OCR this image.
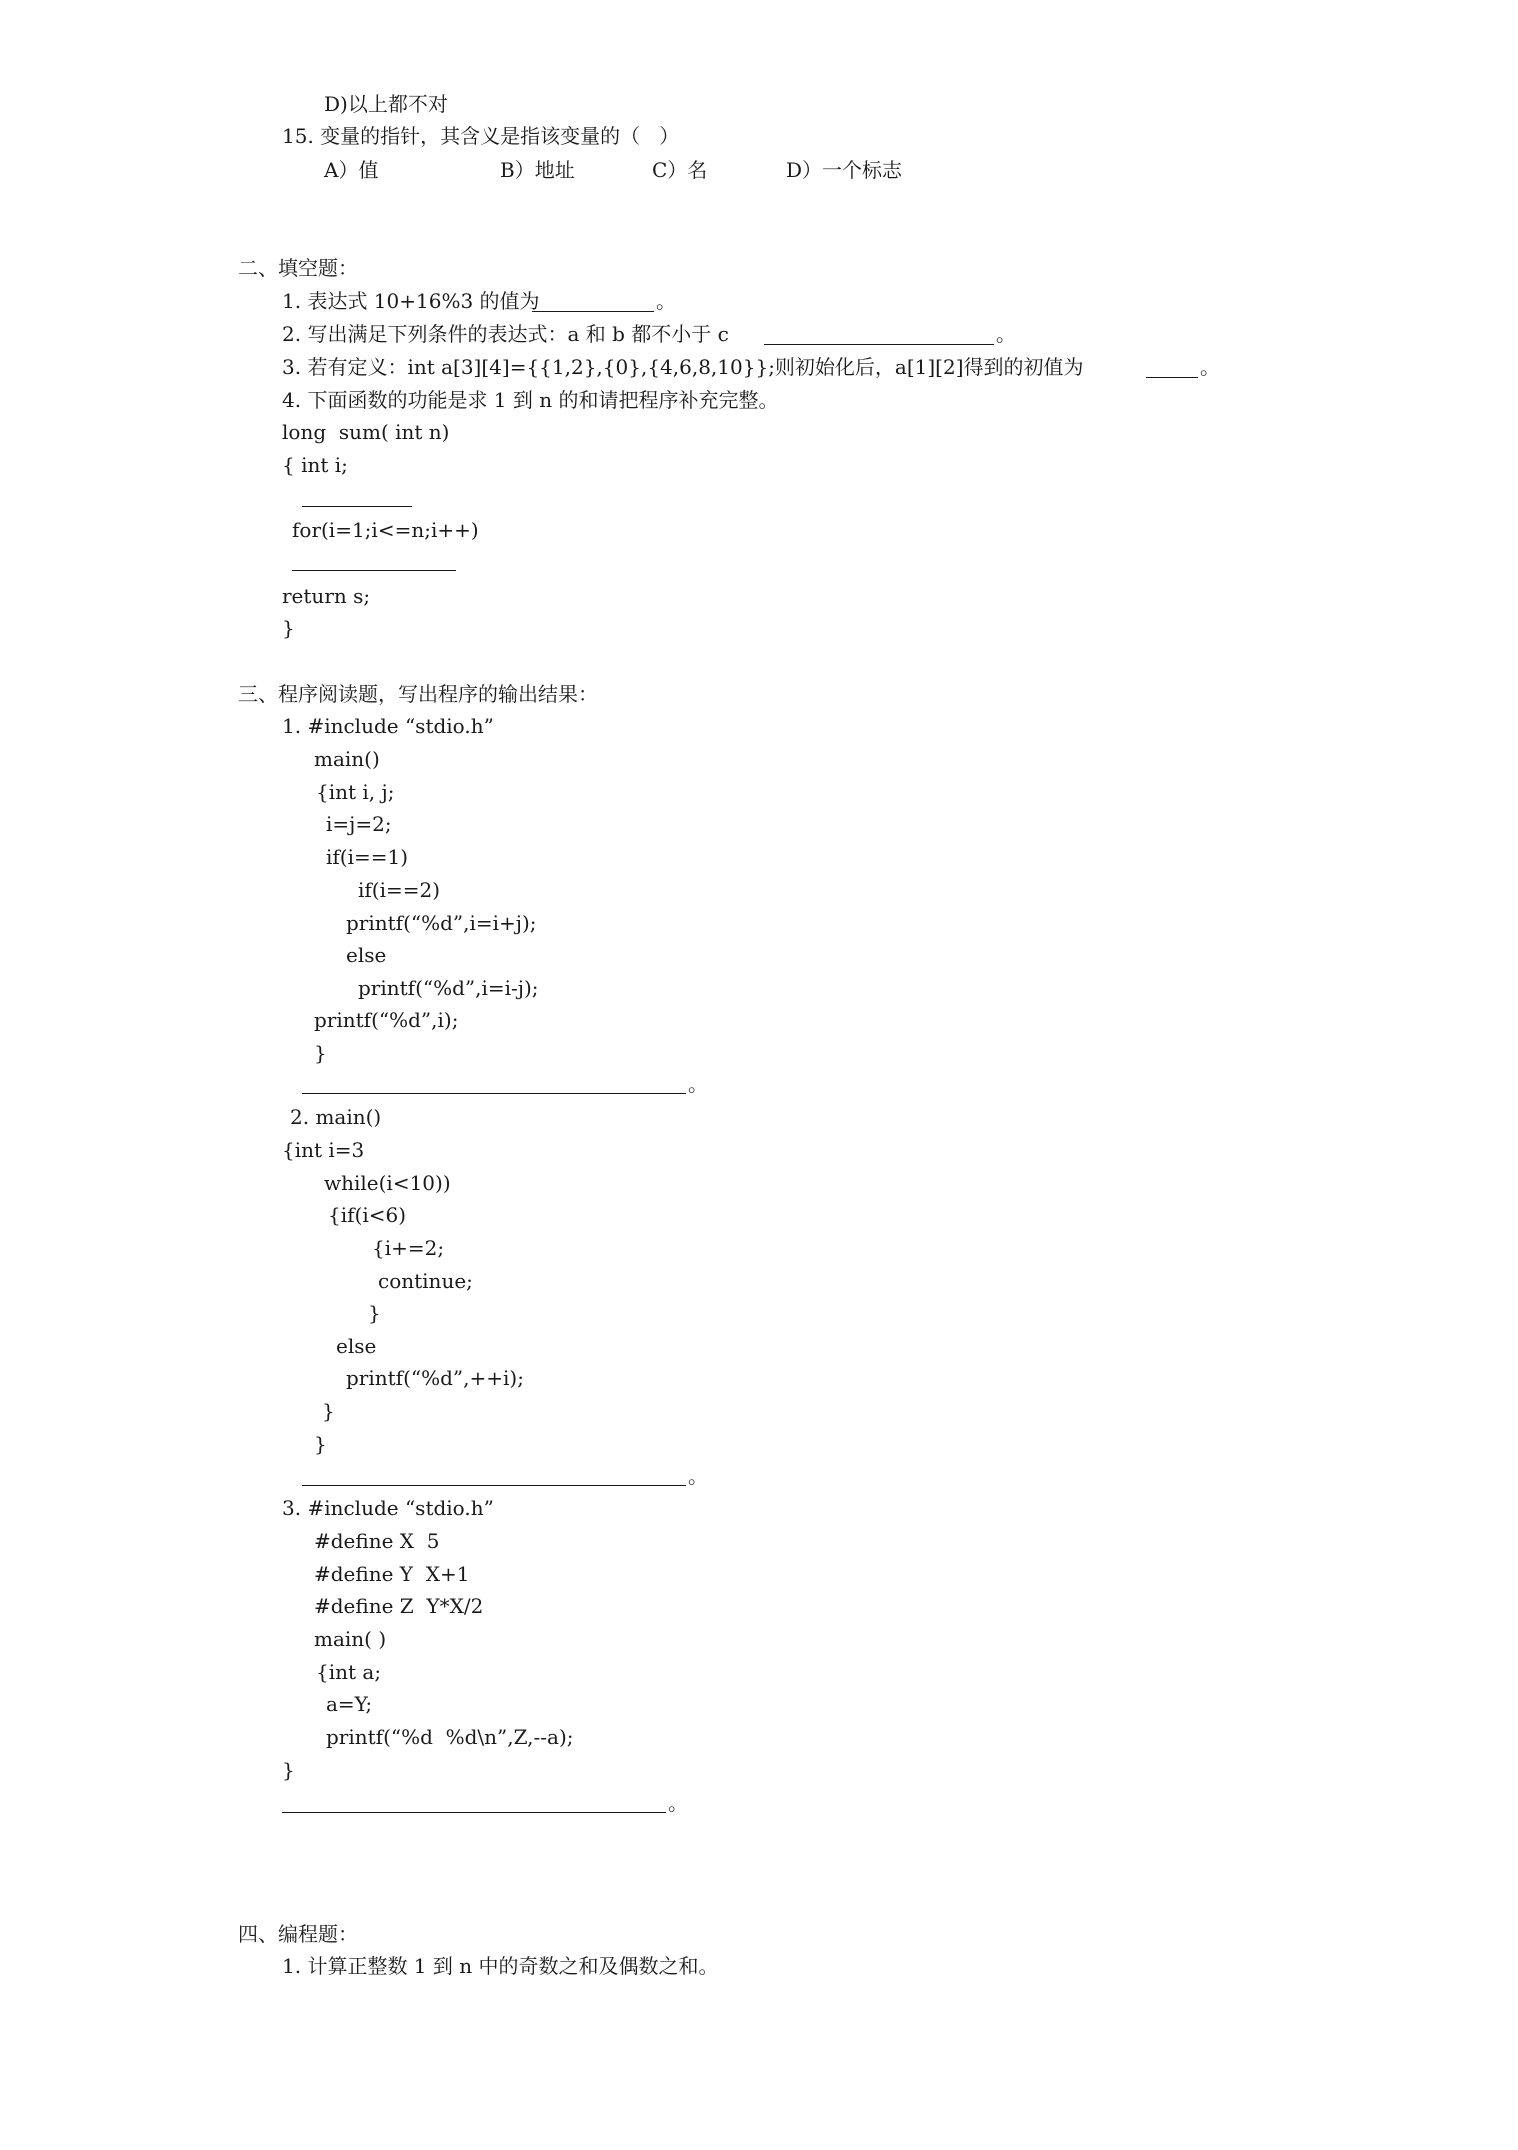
D)以上都不对
15. 变量的指针，其含义是指该变量的（   ）
A）值	B）地址	C）名	D）一个标志
二、填空题：
1. 表达式 10+16%3 的值为	。
2. 写出满足下列条件的表达式：a 和 b 都不小于 c	。
3. 若有定义：int a[3][4]={{1,2},{0},{4,6,8,10}};则初始化后，a[1][2]得到的初值为	。
4. 下面函数的功能是求 1 到 n 的和请把程序补充完整。
long  sum( int n)
{ int i;
for(i=1;i<=n;i++)
return s;
}
三、程序阅读题，写出程序的输出结果：
1. #include “stdio.h”
main()
{int i, j;
i=j=2;
if(i==1)
if(i==2)
printf(“%d”,i=i+j);
else
printf(“%d”,i=i-j);
printf(“%d”,i);
}
。
2. main()
{int i=3
while(i<10))
{if(i<6)
{i+=2;
continue;
}
else
printf(“%d”,++i);
}
}
。
3. #include “stdio.h”
#define X  5
#define Y  X+1
#define Z  Y*X/2
main( )
{int a;
a=Y;
printf(“%d  %d\n”,Z,--a);
}
。
四、编程题：
1. 计算正整数 1 到 n 中的奇数之和及偶数之和。
